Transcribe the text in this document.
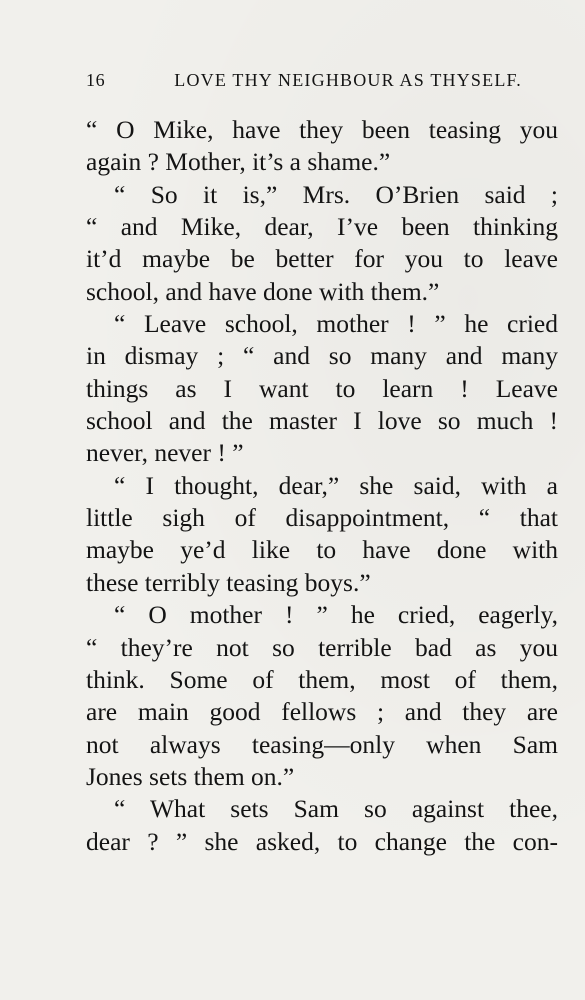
16	LOVE THY NEIGHBOUR AS THYSELF.
“ O Mike, have they been teasing you
again ? Mother, it’s a shame.”
“ So it is,” Mrs. O’Brien said ;
“ and Mike, dear, I’ve been thinking
it’d maybe be better for you to leave
school, and have done with them.”
“ Leave school, mother ! ” he cried
in dismay ; “ and so many and many
things as I want to learn ! Leave
school and the master I love so much !
never, never ! ”
“ I thought, dear,” she said, with a
little sigh of disappointment, “ that
maybe ye’d like to have done with
these terribly teasing boys.”
“ O mother ! ” he cried, eagerly,
“ they’re not so terrible bad as you
think. Some of them, most of them,
are main good fellows ; and they are
not always teasing—only when Sam
Jones sets them on.”
“ What sets Sam so against thee,
dear ? ” she asked, to change the con-
